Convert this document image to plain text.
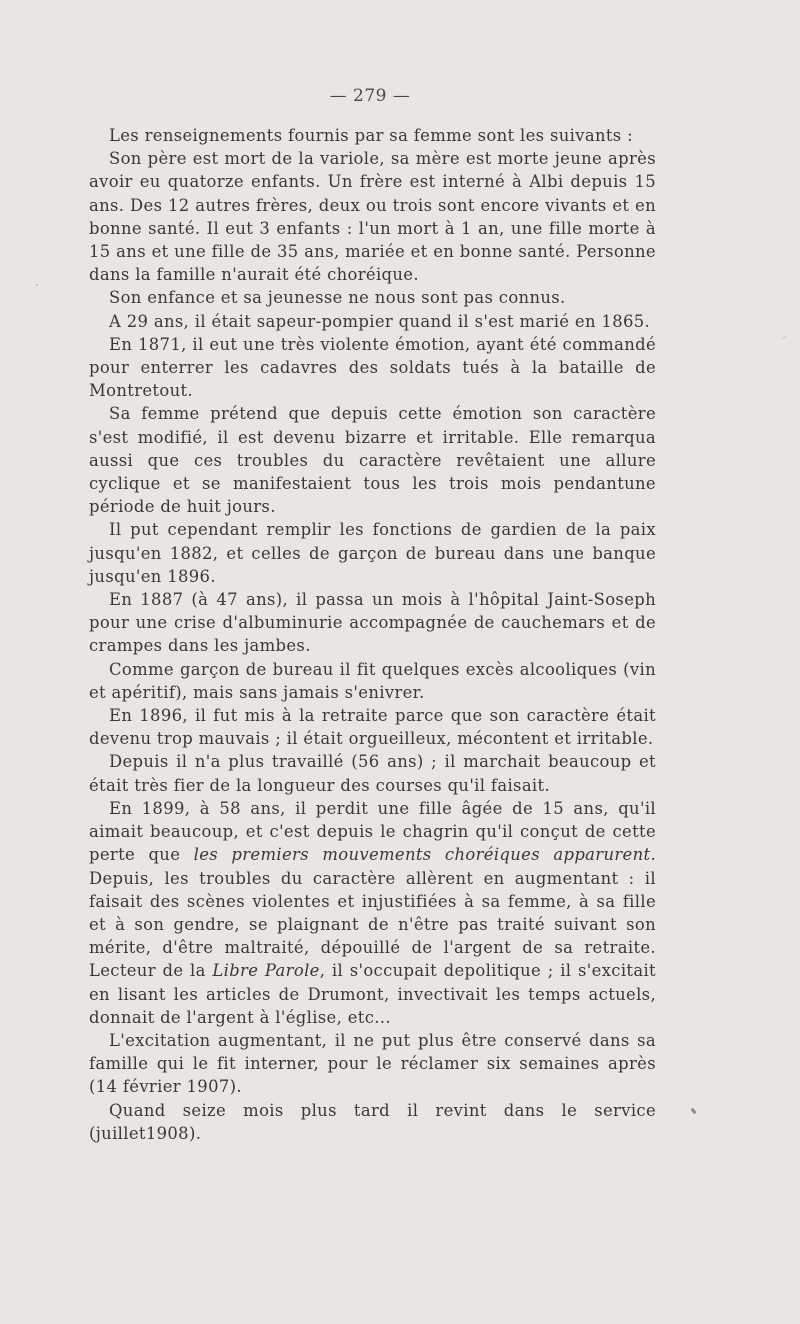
— 279 —

Les renseignements fournis par sa femme sont les suivants :

Son père est mort de la variole, sa mère est morte jeune après avoir eu quatorze enfants. Un frère est interné à Albi depuis 15 ans. Des 12 autres frères, deux ou trois sont encore vivants et en bonne santé. Il eut 3 enfants : l'un mort à 1 an, une fille morte à 15 ans et une fille de 35 ans, mariée et en bonne santé. Personne dans la famille n'aurait été choréique.

Son enfance et sa jeunesse ne nous sont pas connus.

A 29 ans, il était sapeur-pompier quand il s'est marié en 1865.

En 1871, il eut une très violente émotion, ayant été commandé pour enterrer les cadavres des soldats tués à la bataille de Montretout.

Sa femme prétend que depuis cette émotion son caractère s'est modifié, il est devenu bizarre et irritable. Elle remarqua aussi que ces troubles du caractère revêtaient une allure cyclique et se manifestaient tous les trois mois pendantune période de huit jours.

Il put cependant remplir les fonctions de gardien de la paix jusqu'en 1882, et celles de garçon de bureau dans une banque jusqu'en 1896.

En 1887 (à 47 ans), il passa un mois à l'hôpital Jaint-Soseph pour une crise d'albuminurie accompagnée de cauchemars et de crampes dans les jambes.

Comme garçon de bureau il fit quelques excès alcooliques (vin et apéritif), mais sans jamais s'enivrer.

En 1896, il fut mis à la retraite parce que son caractère était devenu trop mauvais ; il était orgueilleux, mécontent et irritable.

Depuis il n'a plus travaillé (56 ans) ; il marchait beaucoup et était très fier de la longueur des courses qu'il faisait.

En 1899, à 58 ans, il perdit une fille âgée de 15 ans, qu'il aimait beaucoup, et c'est depuis le chagrin qu'il conçut de cette perte que les premiers mouvements choréiques apparurent. Depuis, les troubles du caractère allèrent en augmentant : il faisait des scènes violentes et injustifiées à sa femme, à sa fille et à son gendre, se plaignant de n'être pas traité suivant son mérite, d'être maltraité, dépouillé de l'argent de sa retraite. Lecteur de la Libre Parole, il s'occupait depolitique ; il s'excitait en lisant les articles de Drumont, invectivait les temps actuels, donnait de l'argent à l'église, etc...

L'excitation augmentant, il ne put plus être conservé dans sa famille qui le fit interner, pour le réclamer six semaines après (14 février 1907).

Quand seize mois plus tard il revint dans le service (juillet1908).
